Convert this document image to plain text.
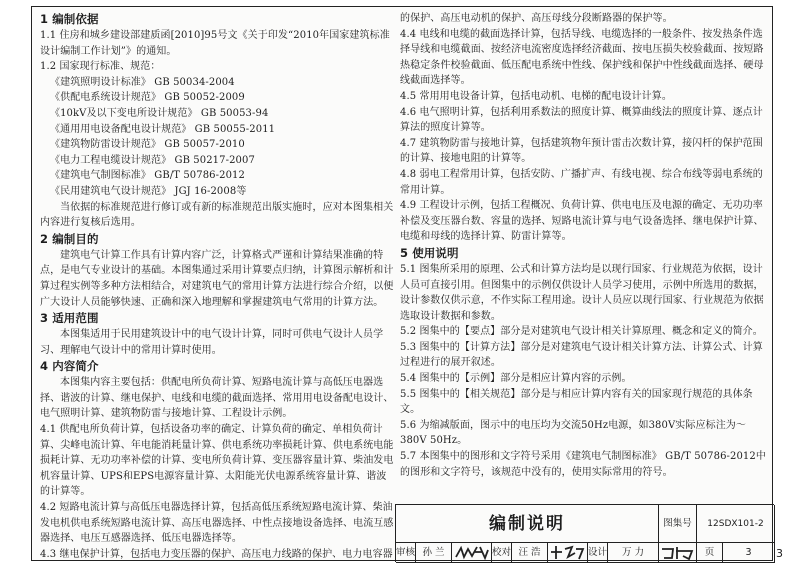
1 编制依据
1.1 住房和城乡建设部建质函[2010]95号文《关于印发“2010年国家建筑标准设计编制工作计划”》的通知。
1.2 国家现行标准、规范：
《建筑照明设计标准》 GB 50034-2004
《供配电系统设计规范》 GB 50052-2009
《10kV及以下变电所设计规范》 GB 50053-94
《通用用电设备配电设计规范》 GB 50055-2011
《建筑物防雷设计规范》 GB 50057-2010
《电力工程电缆设计规范》 GB 50217-2007
《建筑电气制图标准》 GB/T 50786-2012
《民用建筑电气设计规范》 JGJ 16-2008等
当依据的标准规范进行修订或有新的标准规范出版实施时，应对本图集相关内容进行复核后选用。
2 编制目的
建筑电气计算工作具有计算内容广泛，计算格式严谨和计算结果准确的特点，是电气专业设计的基础。本图集通过采用计算要点归纳，计算图示解析和计算过程实例等多种方法相结合，对建筑电气的常用计算方法进行综合介绍，以便广大设计人员能够快速、正确和深入地理解和掌握建筑电气常用的计算方法。
3 适用范围
本图集适用于民用建筑设计中的电气设计计算，同时可供电气设计人员学习、理解电气设计中的常用计算时使用。
4 内容简介
本图集内容主要包括：供配电所负荷计算、短路电流计算与高低压电器选择、谐波的计算、继电保护、电线和电缆的截面选择、常用用电设备配电设计、电气照明计算、建筑物防雷与接地计算、工程设计示例。
4.1 供配电所负荷计算，包括设备功率的确定、计算负荷的确定、单相负荷计算、尖峰电流计算、年电能消耗量计算、供电系统功率损耗计算、供电系统电能损耗计算、无功功率补偿的计算、变电所负荷计算、变压器容量计算、柴油发电机容量计算、UPS和EPS电源容量计算、太阳能光伏电源系统容量计算、谐波的计算等。
4.2 短路电流计算与高低压电器选择计算，包括高低压系统短路电流计算、柴油发电机供电系统短路电流计算、高压电器选择、中性点接地设备选择、电流互感器选择、电压互感器选择、低压电器选择等。
4.3 继电保护计算，包括电力变压器的保护、高压电力线路的保护、电力电容器
的保护、高压电动机的保护、高压母线分段断路器的保护等。
4.4 电线和电缆的截面选择计算，包括导线、电缆选择的一般条件、按发热条件选择导线和电缆截面、按经济电流密度选择经济截面、按电压损失校验截面、按短路热稳定条件校验截面、低压配电系统中性线、保护线和保护中性线截面选择、硬母线截面选择等。
4.5 常用用电设备计算，包括电动机、电梯的配电设计计算。
4.6 电气照明计算，包括利用系数法的照度计算、概算曲线法的照度计算、逐点计算法的照度计算等。
4.7 建筑物防雷与接地计算，包括建筑物年预计雷击次数计算，接闪杆的保护范围的计算、接地电阻的计算等。
4.8 弱电工程常用计算，包括安防、广播扩声、有线电视、综合布线等弱电系统的常用计算。
4.9 工程设计示例，包括工程概况、负荷计算、供电电压及电源的确定、无功功率补偿及变压器台数、容量的选择、短路电流计算与电气设备选择、继电保护计算、电缆和母线的选择计算、防雷计算等。
5 使用说明
5.1 图集所采用的原理、公式和计算方法均是以现行国家、行业规范为依据，设计人员可直接引用。但图集中的示例仅供设计人员学习使用，示例中所选用的数据，设计参数仅供示意，不作实际工程用途。设计人员应以现行国家、行业规范为依据选取设计数据和参数。
5.2 图集中的【要点】部分是对建筑电气设计相关计算原理、概念和定义的简介。
5.3 图集中的【计算方法】部分是对建筑电气设计相关计算方法、计算公式、计算过程进行的展开叙述。
5.4 图集中的【示例】部分是相应计算内容的示例。
5.5 图集中的【相关规范】部分是与相应计算内容有关的国家现行规范的具体条文。
5.6 为缩减版面，图示中的电压均为交流50Hz电源，如380V实际应标注为～380V 50Hz。
5.7 本图集中的图形和文字符号采用《建筑电气制图标准》 GB/T 50786-2012中的图形和文字符号，该规范中没有的，使用实际常用的符号。
编制说明	图集号	12SDX101-2
审核 孙 兰	校对 汪 浩	设计	万 力	页	3	3
